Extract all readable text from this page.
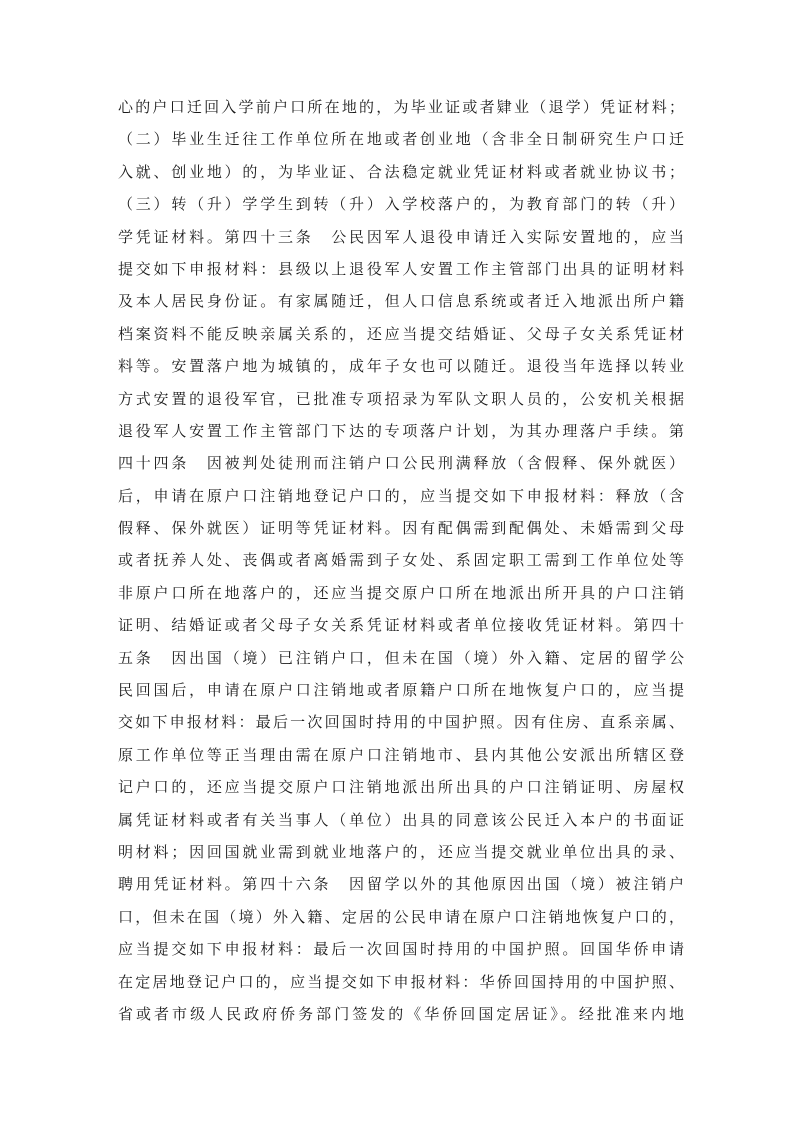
心的户口迁回入学前户口所在地的，为毕业证或者肄业（退学）凭证材料；
（二）毕业生迁往工作单位所在地或者创业地（含非全日制研究生户口迁
入就、创业地）的，为毕业证、合法稳定就业凭证材料或者就业协议书；
（三）转（升）学学生到转（升）入学校落户的，为教育部门的转（升）
学凭证材料。第四十三条　公民因军人退役申请迁入实际安置地的，应当
提交如下申报材料：县级以上退役军人安置工作主管部门出具的证明材料
及本人居民身份证。有家属随迁，但人口信息系统或者迁入地派出所户籍
档案资料不能反映亲属关系的，还应当提交结婚证、父母子女关系凭证材
料等。安置落户地为城镇的，成年子女也可以随迁。退役当年选择以转业
方式安置的退役军官，已批准专项招录为军队文职人员的，公安机关根据
退役军人安置工作主管部门下达的专项落户计划，为其办理落户手续。第
四十四条　因被判处徒刑而注销户口公民刑满释放（含假释、保外就医）
后，申请在原户口注销地登记户口的，应当提交如下申报材料：释放（含
假释、保外就医）证明等凭证材料。因有配偶需到配偶处、未婚需到父母
或者抚养人处、丧偶或者离婚需到子女处、系固定职工需到工作单位处等
非原户口所在地落户的，还应当提交原户口所在地派出所开具的户口注销
证明、结婚证或者父母子女关系凭证材料或者单位接收凭证材料。第四十
五条　因出国（境）已注销户口，但未在国（境）外入籍、定居的留学公
民回国后，申请在原户口注销地或者原籍户口所在地恢复户口的，应当提
交如下申报材料：最后一次回国时持用的中国护照。因有住房、直系亲属、
原工作单位等正当理由需在原户口注销地市、县内其他公安派出所辖区登
记户口的，还应当提交原户口注销地派出所出具的户口注销证明、房屋权
属凭证材料或者有关当事人（单位）出具的同意该公民迁入本户的书面证
明材料；因回国就业需到就业地落户的，还应当提交就业单位出具的录、
聘用凭证材料。第四十六条　因留学以外的其他原因出国（境）被注销户
口，但未在国（境）外入籍、定居的公民申请在原户口注销地恢复户口的，
应当提交如下申报材料：最后一次回国时持用的中国护照。回国华侨申请
在定居地登记户口的，应当提交如下申报材料：华侨回国持用的中国护照、
省或者市级人民政府侨务部门签发的《华侨回国定居证》。经批准来内地
